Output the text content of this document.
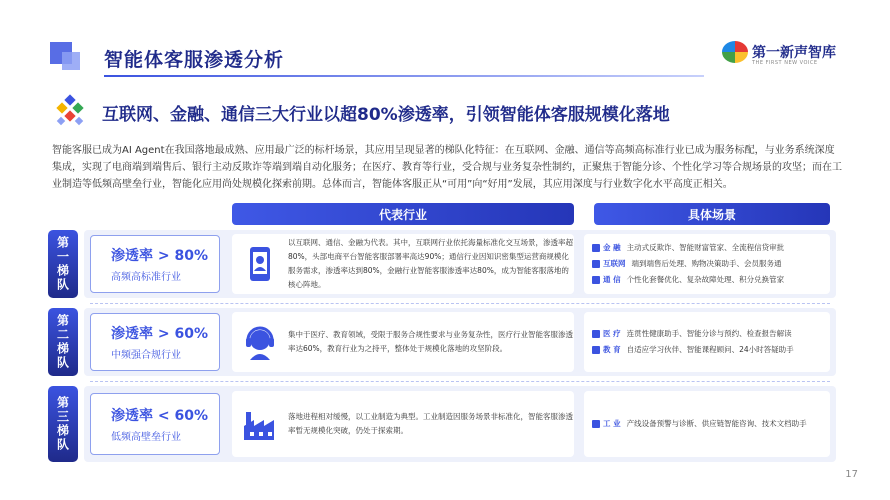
智能体客服渗透分析	第一新声智库
THE FIRST NEW VOICE
互联网、金融、通信三大行业以超80%渗透率，引领智能体客服规模化落地
智能客服已成为AI Agent在我国落地最成熟、应用最广泛的标杆场景，其应用呈现显著的梯队化特征：在互联网、金融、通信等高频高标准行业已成为服务标配，与业务系统深度集成，实现了电商端到端售后、银行主动反欺诈等端到端自动化服务；在医疗、教育等行业，受合规与业务复杂性制约，正聚焦于智能分诊、个性化学习等合规场景的攻坚；而在工业制造等低频高壁垒行业，智能化应用尚处规模化探索前期。总体而言，智能体客服正从“可用”向“好用”发展，其应用深度与行业数字化水平高度正相关。
代表行业	具体场景
第一梯队	渗透率 > 80%
高频高标准行业
以互联网、通信、金融为代表。其中，互联网行业依托海量标准化交互场景，渗透率超80%，头部电商平台智能客服部署率高达90%；通信行业因知识密集型运营商规模化服务需求，渗透率达到80%，金融行业智能客服渗透率达80%，成为智能客服落地的核心阵地。
金 融 主动式反欺诈、智能财富管家、全流程信贷审批
互联网 端到端售后处理、购物决策助手、会员服务通
通 信 个性化套餐优化、复杂故障处理、积分兑换管家
第二梯队	渗透率 > 60%
中频强合规行业
集中于医疗、教育领域，受限于服务合规性要求与业务复杂性，医疗行业智能客服渗透率达60%，教育行业为之持平，整体处于规模化落地的攻坚阶段。
医 疗 连贯性健康助手、智能分诊与预约、检查报告解读
教 育 自适应学习伙伴、智能课程顾问、24小时答疑助手
第三梯队	渗透率 < 60%
低频高壁垒行业
落地进程相对缓慢，以工业制造为典型。工业制造因服务场景非标准化，智能客服渗透率暂无规模化突破，仍处于探索期。
工 业 产线设备预警与诊断、供应链智能咨询、技术文档助手
17
